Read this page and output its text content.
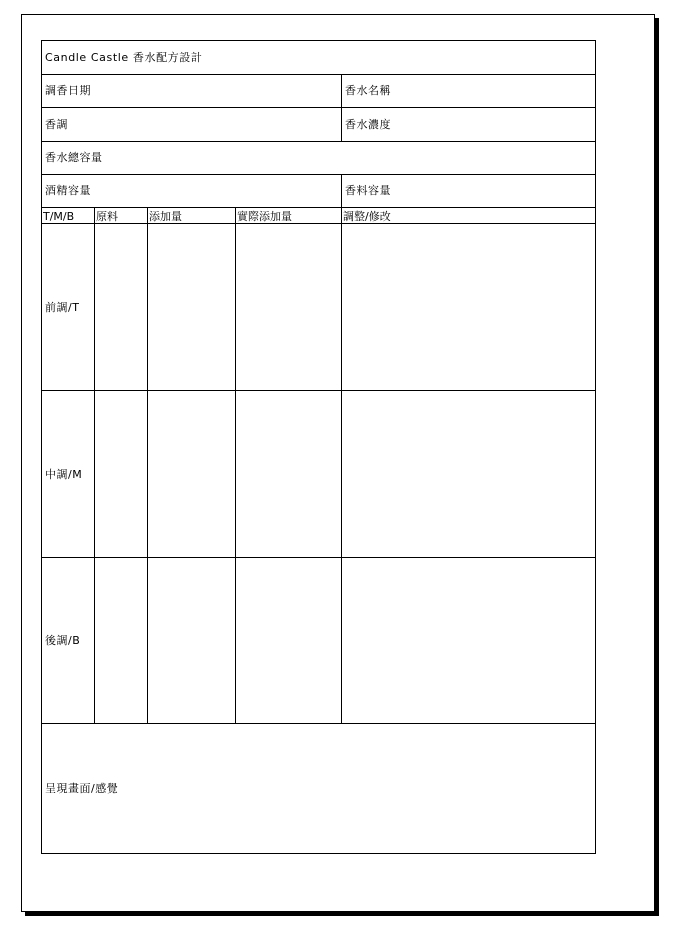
Candle Castle 香水配方設計
調香日期	香水名稱
香調	香水濃度
香水總容量
酒精容量	香料容量
T/M/B	原料	添加量	實際添加量	調整/修改
前調/T
中調/M
後調/B
呈現畫面/感覺
